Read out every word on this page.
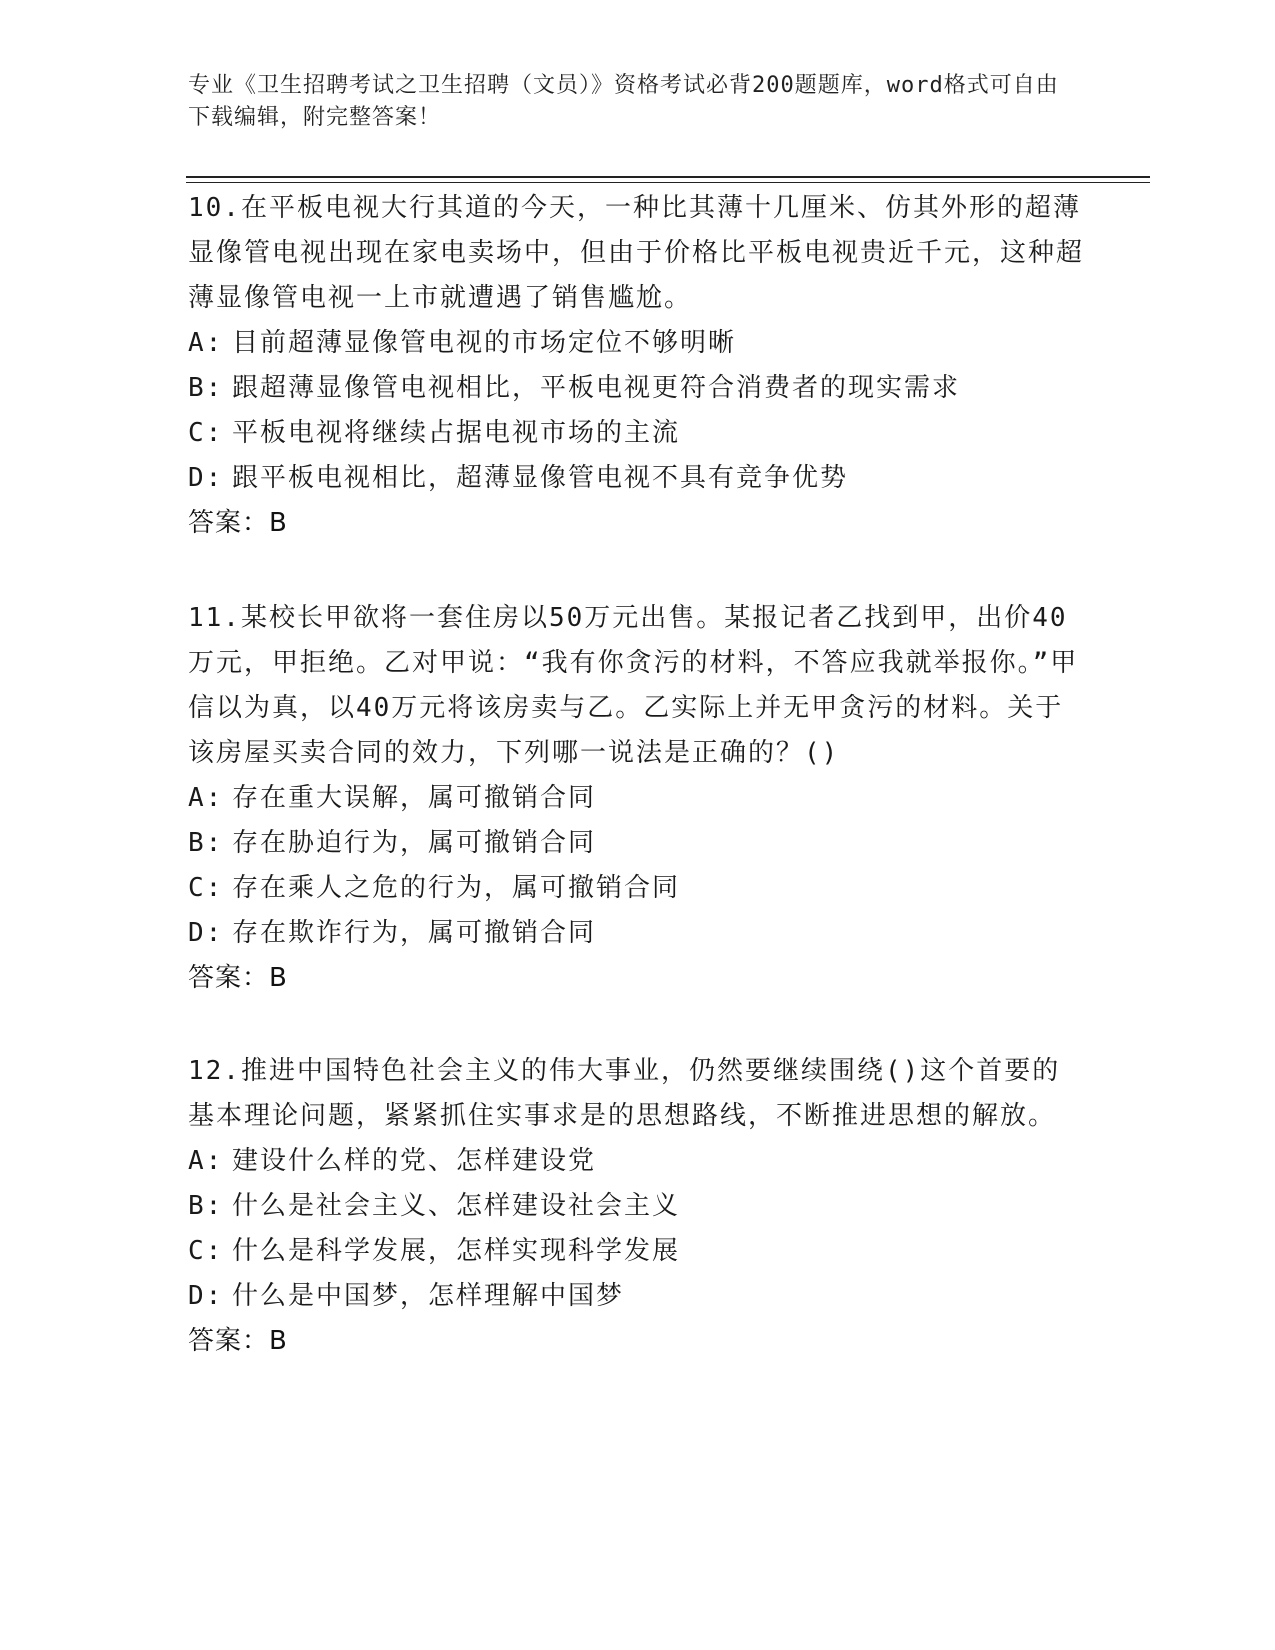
专业《卫生招聘考试之卫生招聘（文员）》资格考试必背200题题库，word格式可自由下载编辑，附完整答案！

10.在平板电视大行其道的今天，一种比其薄十几厘米、仿其外形的超薄显像管电视出现在家电卖场中，但由于价格比平板电视贵近千元，这种超薄显像管电视一上市就遭遇了销售尴尬。

A: 目前超薄显像管电视的市场定位不够明晰

B: 跟超薄显像管电视相比，平板电视更符合消费者的现实需求

C: 平板电视将继续占据电视市场的主流

D: 跟平板电视相比，超薄显像管电视不具有竞争优势

答案：B

11.某校长甲欲将一套住房以50万元出售。某报记者乙找到甲，出价40万元，甲拒绝。乙对甲说：“我有你贪污的材料，不答应我就举报你。”甲信以为真，以40万元将该房卖与乙。乙实际上并无甲贪污的材料。关于该房屋买卖合同的效力，下列哪一说法是正确的？()

A: 存在重大误解，属可撤销合同

B: 存在胁迫行为，属可撤销合同

C: 存在乘人之危的行为，属可撤销合同

D: 存在欺诈行为，属可撤销合同

答案：B

12.推进中国特色社会主义的伟大事业，仍然要继续围绕()这个首要的基本理论问题，紧紧抓住实事求是的思想路线，不断推进思想的解放。

A: 建设什么样的党、怎样建设党

B: 什么是社会主义、怎样建设社会主义

C: 什么是科学发展，怎样实现科学发展

D: 什么是中国梦，怎样理解中国梦

答案：B
